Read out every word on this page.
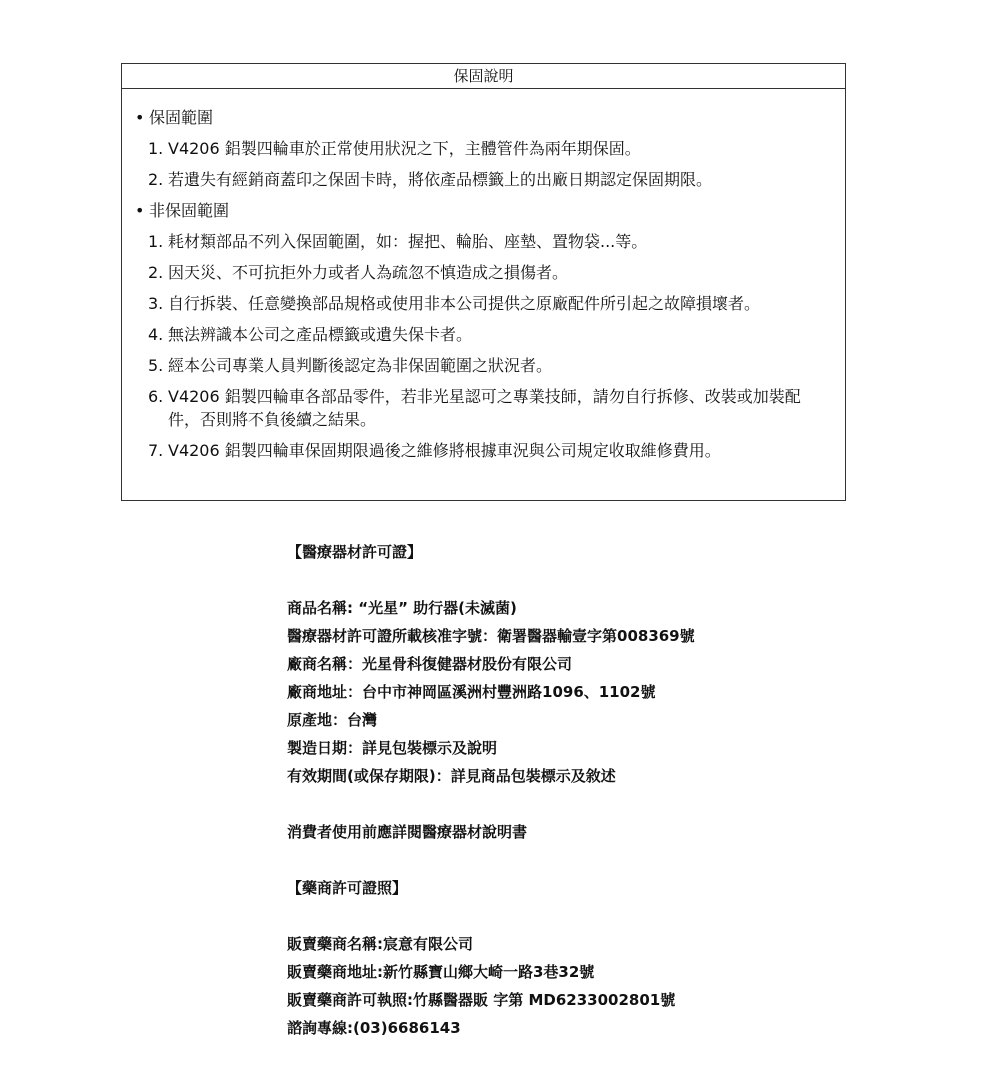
保固說明
• 保固範圍
1. V4206 鋁製四輪車於正常使用狀況之下，主體管件為兩年期保固。
2. 若遺失有經銷商蓋印之保固卡時，將依產品標籤上的出廠日期認定保固期限。
• 非保固範圍
1. 耗材類部品不列入保固範圍，如：握把、輪胎、座墊、置物袋...等。
2. 因天災、不可抗拒外力或者人為疏忽不慎造成之損傷者。
3. 自行拆裝、任意變換部品規格或使用非本公司提供之原廠配件所引起之故障損壞者。
4. 無法辨識本公司之產品標籤或遺失保卡者。
5. 經本公司專業人員判斷後認定為非保固範圍之狀況者。
6. V4206 鋁製四輪車各部品零件，若非光星認可之專業技師，請勿自行拆修、改裝或加裝配件，否則將不負後續之結果。
7. V4206 鋁製四輪車保固期限過後之維修將根據車況與公司規定收取維修費用。
【醫療器材許可證】
商品名稱: “光星” 助行器(未滅菌)
醫療器材許可證所載核准字號：衛署醫器輸壹字第008369號
廠商名稱：光星骨科復健器材股份有限公司
廠商地址：台中市神岡區溪洲村豐洲路1096、1102號
原產地：台灣
製造日期：詳見包裝標示及說明
有效期間(或保存期限)：詳見商品包裝標示及敘述
消費者使用前應詳閱醫療器材說明書
【藥商許可證照】
販賣藥商名稱:宸意有限公司
販賣藥商地址:新竹縣寶山鄉大崎一路3巷32號
販賣藥商許可執照:竹縣醫器販 字第 MD6233002801號
諮詢專線:(03)6686143
